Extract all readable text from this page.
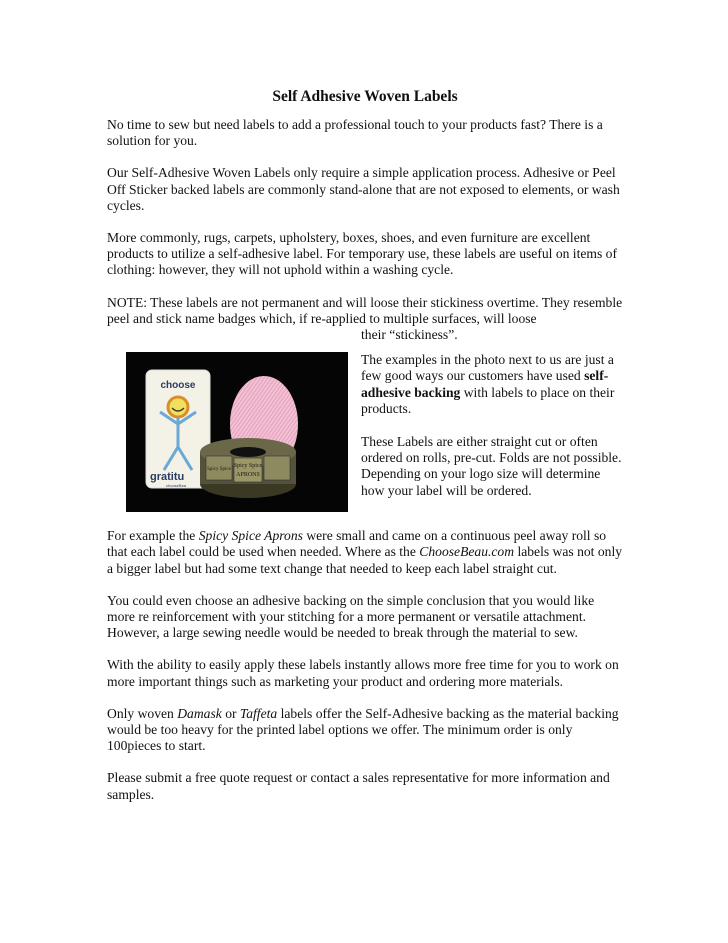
Self Adhesive Woven Labels

No time to sew but need labels to add a professional touch to your products fast? There is a solution for you.

Our Self-Adhesive Woven Labels only require a simple application process. Adhesive or Peel Off Sticker backed labels are commonly stand-alone that are not exposed to elements, or wash cycles.

More commonly, rugs, carpets, upholstery, boxes, shoes, and even furniture are excellent products to utilize a self-adhesive label. For temporary use, these labels are useful on items of clothing: however, they will not uphold within a washing cycle.

NOTE: These labels are not permanent and will loose their stickiness overtime. They resemble peel and stick name badges which, if re-applied to multiple surfaces, will loose
their “stickiness”.
choose
gratitu
chooseBea
Spicy Spice
APRONS
Spicy Spice

The examples in the photo next to us are just a few good ways our customers have used self-adhesive backing with labels to place on their products.

These Labels are either straight cut or often ordered on rolls, pre-cut. Folds are not possible. Depending on your logo size will determine how your label will be ordered.

For example the Spicy Spice Aprons were small and came on a continuous peel away roll so that each label could be used when needed. Where as the ChooseBeau.com labels was not only a bigger label but had some text change that needed to keep each label straight cut.

You could even choose an adhesive backing on the simple conclusion that you would like more re reinforcement with your stitching for a more permanent or versatile attachment. However, a large sewing needle would be needed to break through the material to sew.

With the ability to easily apply these labels instantly allows more free time for you to work on more important things such as marketing your product and ordering more materials.

Only woven Damask or Taffeta labels offer the Self-Adhesive backing as the material backing would be too heavy for the printed label options we offer. The minimum order is only 100pieces to start.

Please submit a free quote request or contact a sales representative for more information and samples.
